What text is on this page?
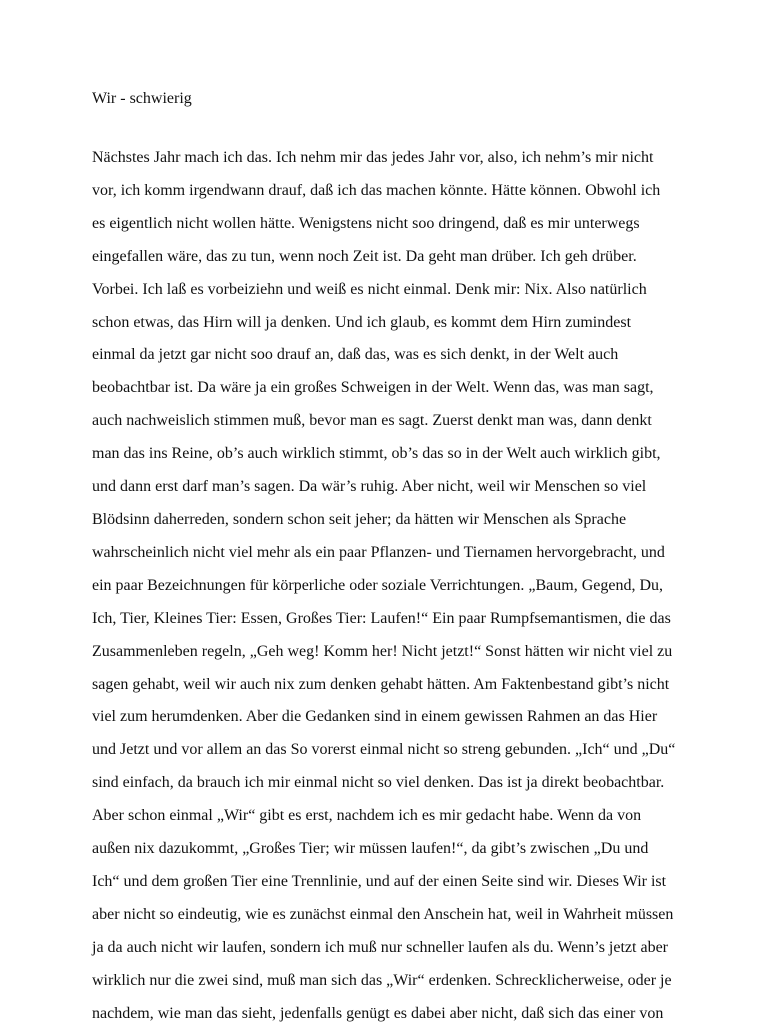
Wir - schwierig

Nächstes Jahr mach ich das. Ich nehm mir das jedes Jahr vor, also, ich nehm’s mir nicht
vor, ich komm irgendwann drauf, daß ich das machen könnte. Hätte können. Obwohl ich
es eigentlich nicht wollen hätte. Wenigstens nicht soo dringend, daß es mir unterwegs
eingefallen wäre, das zu tun, wenn noch Zeit ist. Da geht man drüber. Ich geh drüber.
Vorbei. Ich laß es vorbeiziehn und weiß es nicht einmal. Denk mir: Nix. Also natürlich
schon etwas, das Hirn will ja denken. Und ich glaub, es kommt dem Hirn zumindest
einmal da jetzt gar nicht soo drauf an, daß das, was es sich denkt, in der Welt auch
beobachtbar ist. Da wäre ja ein großes Schweigen in der Welt. Wenn das, was man sagt,
auch nachweislich stimmen muß, bevor man es sagt. Zuerst denkt man was, dann denkt
man das ins Reine, ob’s auch wirklich stimmt, ob’s das so in der Welt auch wirklich gibt,
und dann erst darf man’s sagen. Da wär’s ruhig. Aber nicht, weil wir Menschen so viel
Blödsinn daherreden, sondern schon seit jeher; da hätten wir Menschen als Sprache
wahrscheinlich nicht viel mehr als ein paar Pflanzen- und Tiernamen hervorgebracht, und
ein paar Bezeichnungen für körperliche oder soziale Verrichtungen. „Baum, Gegend, Du,
Ich, Tier, Kleines Tier: Essen, Großes Tier: Laufen!“ Ein paar Rumpfsemantismen, die das
Zusammenleben regeln, „Geh weg! Komm her! Nicht jetzt!“ Sonst hätten wir nicht viel zu
sagen gehabt, weil wir auch nix zum denken gehabt hätten. Am Faktenbestand gibt’s nicht
viel zum herumdenken. Aber die Gedanken sind in einem gewissen Rahmen an das Hier
und Jetzt und vor allem an das So vorerst einmal nicht so streng gebunden. „Ich“ und „Du“
sind einfach, da brauch ich mir einmal nicht so viel denken. Das ist ja direkt beobachtbar.
Aber schon einmal „Wir“ gibt es erst, nachdem ich es mir gedacht habe. Wenn da von
außen nix dazukommt, „Großes Tier; wir müssen laufen!“, da gibt’s zwischen „Du und
Ich“ und dem großen Tier eine Trennlinie, und auf der einen Seite sind wir. Dieses Wir ist
aber nicht so eindeutig, wie es zunächst einmal den Anschein hat, weil in Wahrheit müssen
ja da auch nicht wir laufen, sondern ich muß nur schneller laufen als du. Wenn’s jetzt aber
wirklich nur die zwei sind, muß man sich das „Wir“ erdenken. Schrecklicherweise, oder je
nachdem, wie man das sieht, jedenfalls genügt es dabei aber nicht, daß sich das einer von
